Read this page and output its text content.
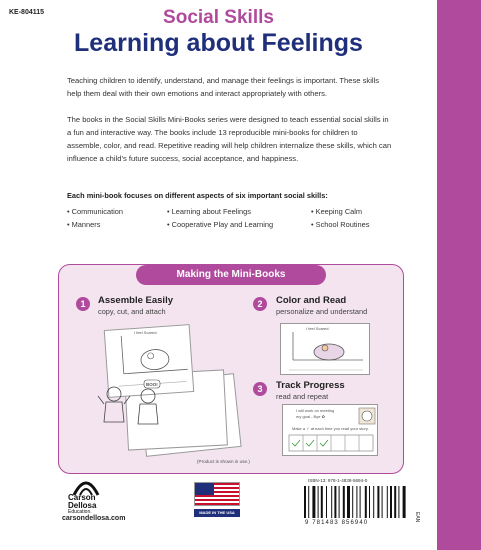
KE-804115	Social Skills
Learning about Feelings

Teaching children to identify, understand, and manage their feelings is important. These skills help them deal with their own emotions and interact appropriately with others.

The books in the Social Skills Mini-Books series were designed to teach essential social skills in a fun and interactive way. The books include 13 reproducible mini-books for children to assemble, color, and read. Repetitive reading will help children internalize these skills, which can influence a child’s future success, social acceptance, and happiness.

Each mini-book focuses on different aspects of six important social skills:
• Communication	• Learning about Feelings	• Keeping Calm
• Manners	• Cooperative Play and Learning	• School Routines
Making the Mini-Books
1	Assemble Easily
copy, cut, and attach
I feel Scared.
BOO!
2	Color and Read
personalize and understand
I feel Scared.
3	Track Progress
read and repeat
I will work on meeting
my goal - Bye ✿
Make a ✓ at each time you read your story.
(Product is shown in use.)
Carson
Dellosa
Education.
carsondellosa.com
MADE IN THE USA
ISBN-13: 978-1-4838-5694-0
9 781483 856940
EAN
